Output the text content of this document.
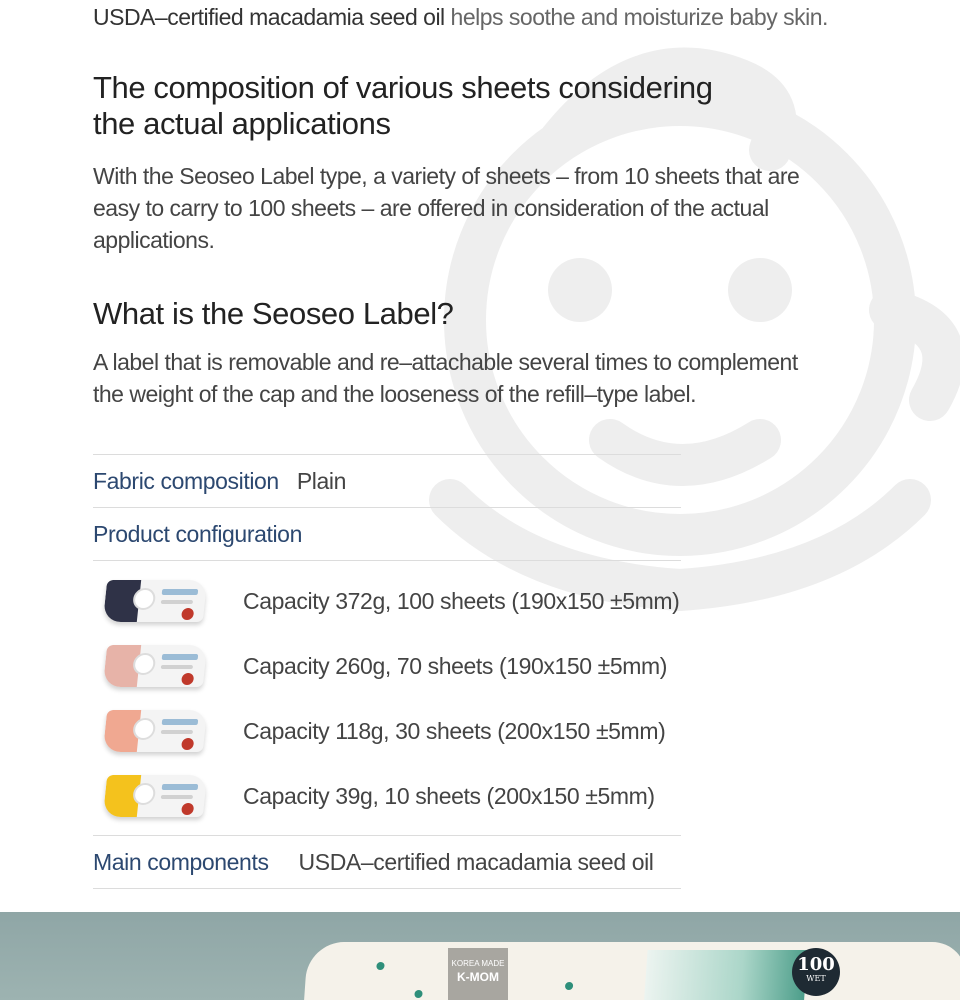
USDA–certified macadamia seed oil helps soothe and moisturize baby skin.

The composition of various sheets considering
the actual applications

With the Seoseo Label type, a variety of sheets – from 10 sheets that are
easy to carry to 100 sheets – are offered in consideration of the actual
applications.

What is the Seoseo Label?

A label that is removable and re–attachable several times to complement
the weight of the cap and the looseness of the refill–type label.

Fabric composition Plain
Product configuration
Capacity 372g, 100 sheets (190x150 ±5mm)
Capacity 260g, 70 sheets (190x150 ±5mm)
Capacity 118g, 30 sheets (200x150 ±5mm)
Capacity 39g, 10 sheets (200x150 ±5mm)
Main components USDA–certified macadamia seed oil
KOREA MADE
K-MOM
100
WET
